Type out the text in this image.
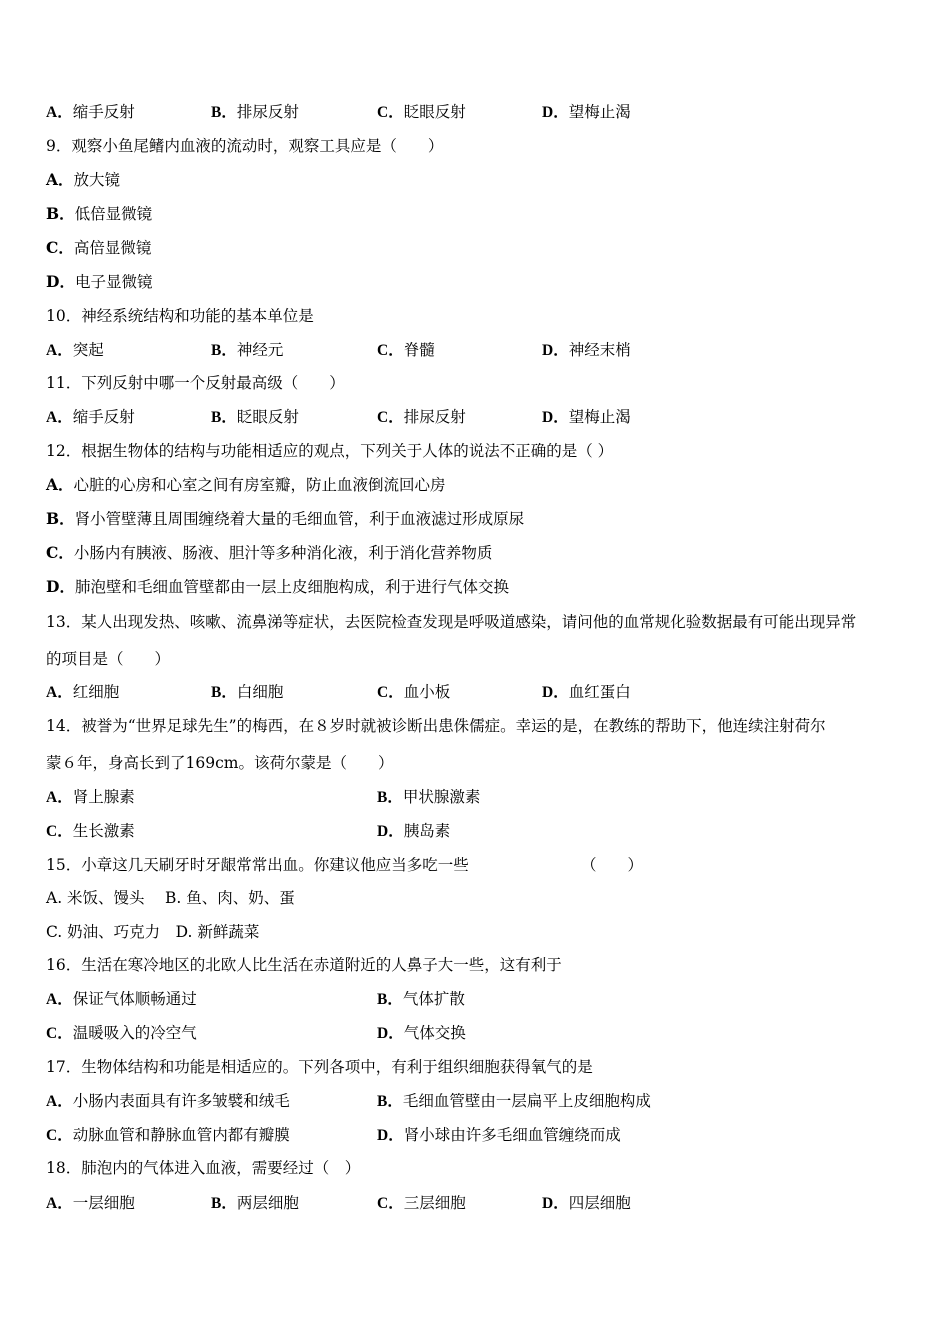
A．缩手反射	B．排尿反射	C．眨眼反射	D．望梅止渴
9．观察小鱼尾鳍内血液的流动时，观察工具应是（　　）
A．放大镜
B．低倍显微镜
C．高倍显微镜
D．电子显微镜
10．神经系统结构和功能的基本单位是
A．突起	B．神经元	C．脊髓	D．神经末梢
11．下列反射中哪一个反射最高级（　　）
A．缩手反射	B．眨眼反射	C．排尿反射	D．望梅止渴
12．根据生物体的结构与功能相适应的观点，下列关于人体的说法不正确的是（ ）
A．心脏的心房和心室之间有房室瓣，防止血液倒流回心房
B．肾小管壁薄且周围缠绕着大量的毛细血管，利于血液滤过形成原尿
C．小肠内有胰液、肠液、胆汁等多种消化液，利于消化营养物质
D．肺泡壁和毛细血管壁都由一层上皮细胞构成，利于进行气体交换
13．某人出现发热、咳嗽、流鼻涕等症状，去医院检查发现是呼吸道感染，请问他的血常规化验数据最有可能出现异常
的项目是（　　）
A．红细胞	B．白细胞	C．血小板	D．血红蛋白
14．被誉为“世界足球先生”的梅西，在８岁时就被诊断出患侏儒症。幸运的是，在教练的帮助下，他连续注射荷尔
蒙６年，身高长到了169cm。该荷尔蒙是（　　）
A．肾上腺素	B．甲状腺激素
C．生长激素	D．胰岛素
15．小章这几天刷牙时牙龈常常出血。你建议他应当多吃一些	（　　）
A. 米饭、馒头　 B. 鱼、肉、奶、蛋
C. 奶油、巧克力　D. 新鲜蔬菜
16．生活在寒冷地区的北欧人比生活在赤道附近的人鼻子大一些，这有利于
A．保证气体顺畅通过	B．气体扩散
C．温暖吸入的冷空气	D．气体交换
17．生物体结构和功能是相适应的。下列各项中，有利于组织细胞获得氧气的是
A．小肠内表面具有许多皱襞和绒毛	B．毛细血管壁由一层扁平上皮细胞构成
C．动脉血管和静脉血管内都有瓣膜	D．肾小球由许多毛细血管缠绕而成
18．肺泡内的气体进入血液，需要经过（　）
A．一层细胞	B．两层细胞	C．三层细胞	D．四层细胞
